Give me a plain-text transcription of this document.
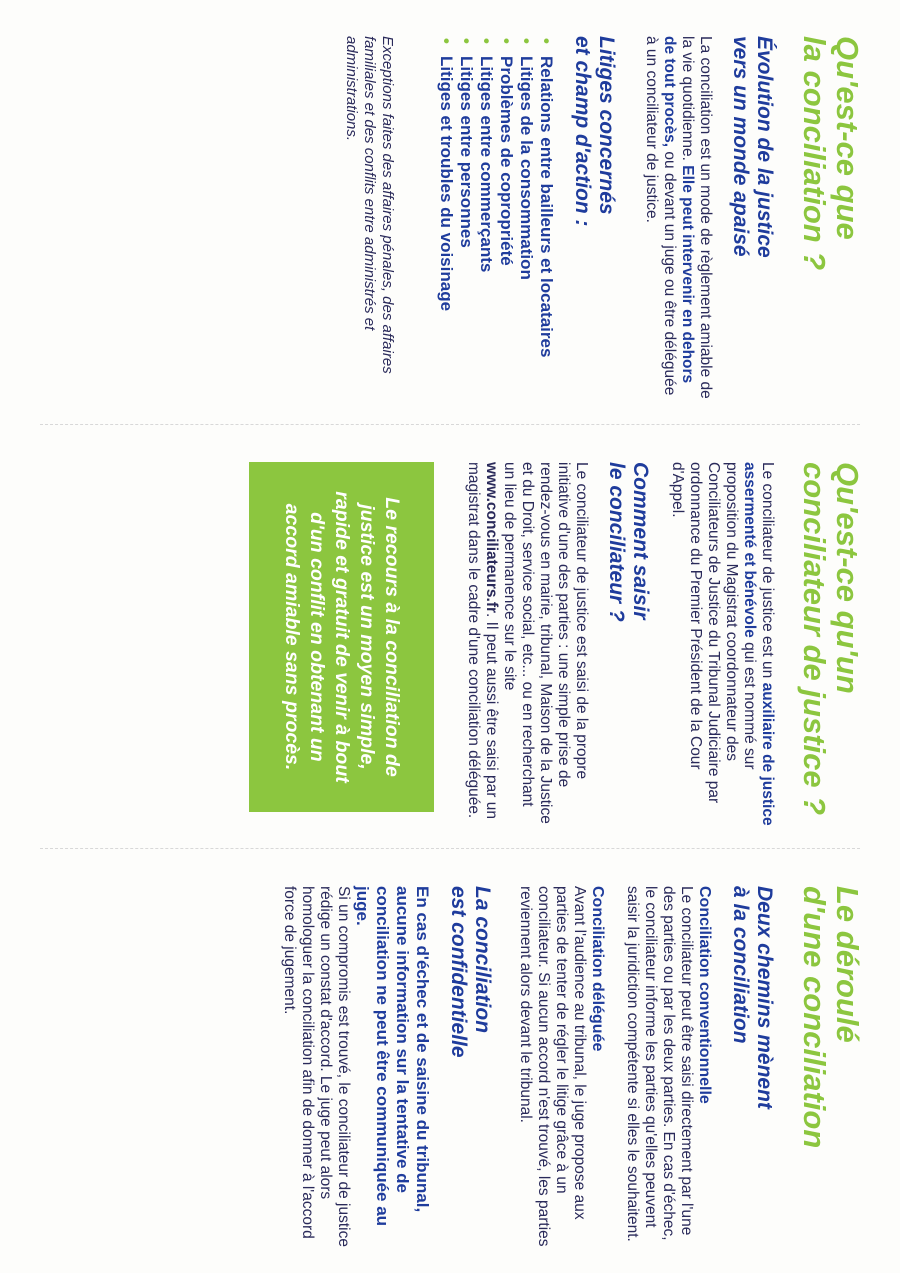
Qu'est-ce que
la conciliation ?
Évolution de la justice
vers un monde apaisé

La conciliation est un mode de règlement amiable de la vie quotidienne. Elle peut intervenir en dehors de tout procès, ou devant un juge ou être déléguée à un conciliateur de justice.

Litiges concernés
et champ d'action :
•
Relations entre bailleurs et locataires
•
Litiges de la consommation
•
Problèmes de copropriété
•
Litiges entre commerçants
•
Litiges entre personnes
•
Litiges et troubles du voisinage

Exceptions faites des affaires pénales, des affaires familiales et des conflits entre administrés et administrations.

Qu'est-ce qu'un
conciliateur de justice ?

Le conciliateur de justice est un auxiliaire de justice assermenté et bénévole qui est nommé sur proposition du Magistrat coordonnateur des Conciliateurs de Justice du Tribunal Judiciaire par ordonnance du Premier Président de la Cour d'Appel.

Comment saisir
le conciliateur ?

Le conciliateur de justice est saisi de la propre initiative d'une des parties : une simple prise de rendez-vous en mairie, tribunal, Maison de la Justice et du Droit, service social, etc... ou en recherchant un lieu de permanence sur le site www.conciliateurs.fr. Il peut aussi être saisi par un magistrat dans le cadre d'une conciliation déléguée.

Le recours à la conciliation de justice est un moyen simple, rapide et gratuit de venir à bout d'un conflit en obtenant un accord amiable sans procès.
Le déroulé
d'une conciliation
Deux chemins mènent
à la conciliation
Conciliation conventionnelle

Le conciliateur peut être saisi directement par l'une des parties ou par les deux parties. En cas d'échec, le conciliateur informe les parties qu'elles peuvent saisir la juridiction compétente si elles le souhaitent.

Conciliation déléguée

Avant l'audience au tribunal, le juge propose aux parties de tenter de régler le litige grâce à un conciliateur. Si aucun accord n'est trouvé, les parties reviennent alors devant le tribunal.

La conciliation
est confidentielle

En cas d'échec et de saisine du tribunal, aucune information sur la tentative de conciliation ne peut être communiquée au juge.

Si un compromis est trouvé, le conciliateur de justice rédige un constat d'accord. Le juge peut alors homologuer la conciliation afin de donner à l'accord force de jugement.
